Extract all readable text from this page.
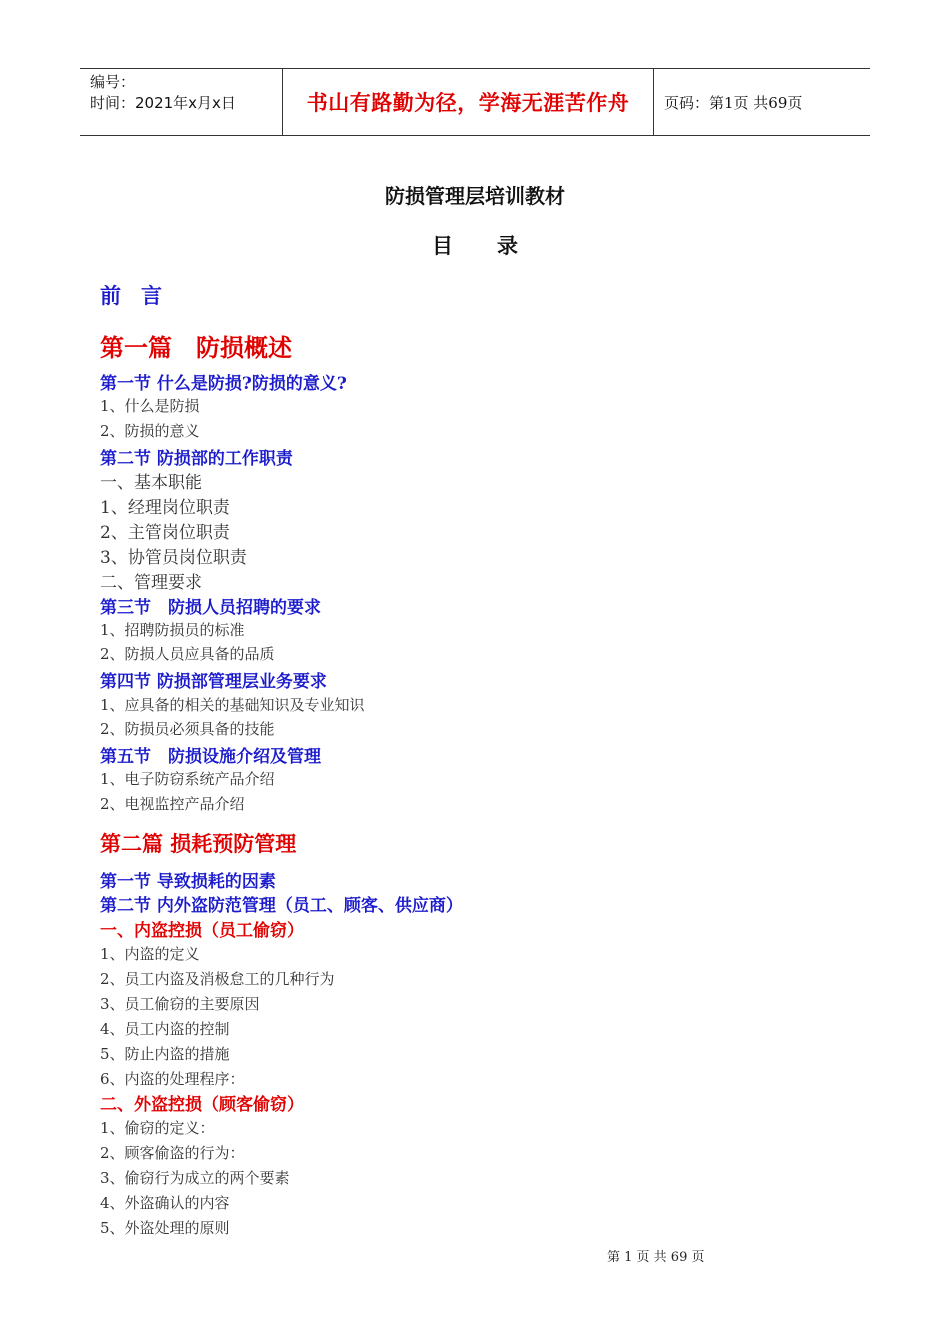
编号：
时间：2021年x月x日	书山有路勤为径，学海无涯苦作舟	页码：第1页 共69页
防损管理层培训教材
目录
前言
第一篇　防损概述
第一节 什么是防损?防损的意义?
1、什么是防损
2、防损的意义
第二节 防损部的工作职责
一、基本职能
1、经理岗位职责
2、主管岗位职责
3、协管员岗位职责
二、管理要求
第三节　防损人员招聘的要求
1、招聘防损员的标准
2、防损人员应具备的品质
第四节 防损部管理层业务要求
1、应具备的相关的基础知识及专业知识
2、防损员必须具备的技能
第五节　防损设施介绍及管理
1、电子防窃系统产品介绍
2、电视监控产品介绍
第二篇 损耗预防管理
第一节 导致损耗的因素
第二节 内外盗防范管理（员工、顾客、供应商）
一、内盗控损（员工偷窃）
1、内盗的定义
2、员工内盗及消极怠工的几种行为
3、员工偷窃的主要原因
4、员工内盗的控制
5、防止内盗的措施
6、内盗的处理程序：
二、外盗控损（顾客偷窃）
1、偷窃的定义：
2、顾客偷盗的行为：
3、偷窃行为成立的两个要素
4、外盗确认的内容
5、外盗处理的原则
第 1 页 共 69 页
